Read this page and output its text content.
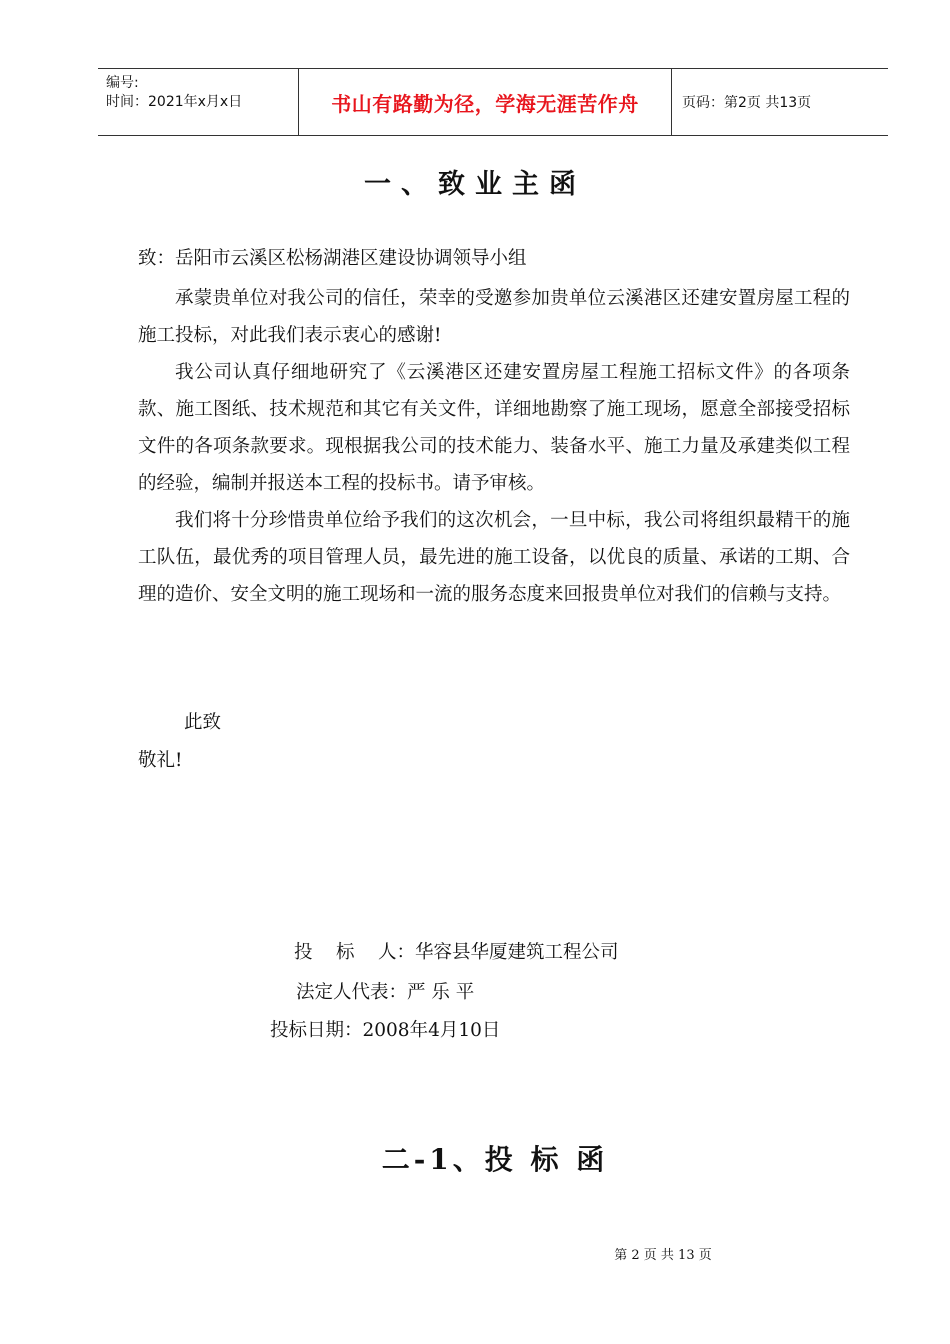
编号:
时间：2021年x月x日	书山有路勤为径，学海无涯苦作舟	页码：第2页 共13页
一、致业主函
致：岳阳市云溪区松杨湖港区建设协调领导小组

承蒙贵单位对我公司的信任，荣幸的受邀参加贵单位云溪港区还建安置房屋工程的施工投标，对此我们表示衷心的感谢!

我公司认真仔细地研究了《云溪港区还建安置房屋工程施工招标文件》的各项条款、施工图纸、技术规范和其它有关文件，详细地勘察了施工现场，愿意全部接受招标文件的各项条款要求。现根据我公司的技术能力、装备水平、施工力量及承建类似工程的经验，编制并报送本工程的投标书。请予审核。

我们将十分珍惜贵单位给予我们的这次机会，一旦中标，我公司将组织最精干的施工队伍，最优秀的项目管理人员，最先进的施工设备，以优良的质量、承诺的工期、合理的造价、安全文明的施工现场和一流的服务态度来回报贵单位对我们的信赖与支持。

此致
敬礼!
投    标    人：华容县华厦建筑工程公司
法定人代表：严 乐 平
投标日期：2008年4月10日
二-1、投 标 函
第 2 页 共 13 页
